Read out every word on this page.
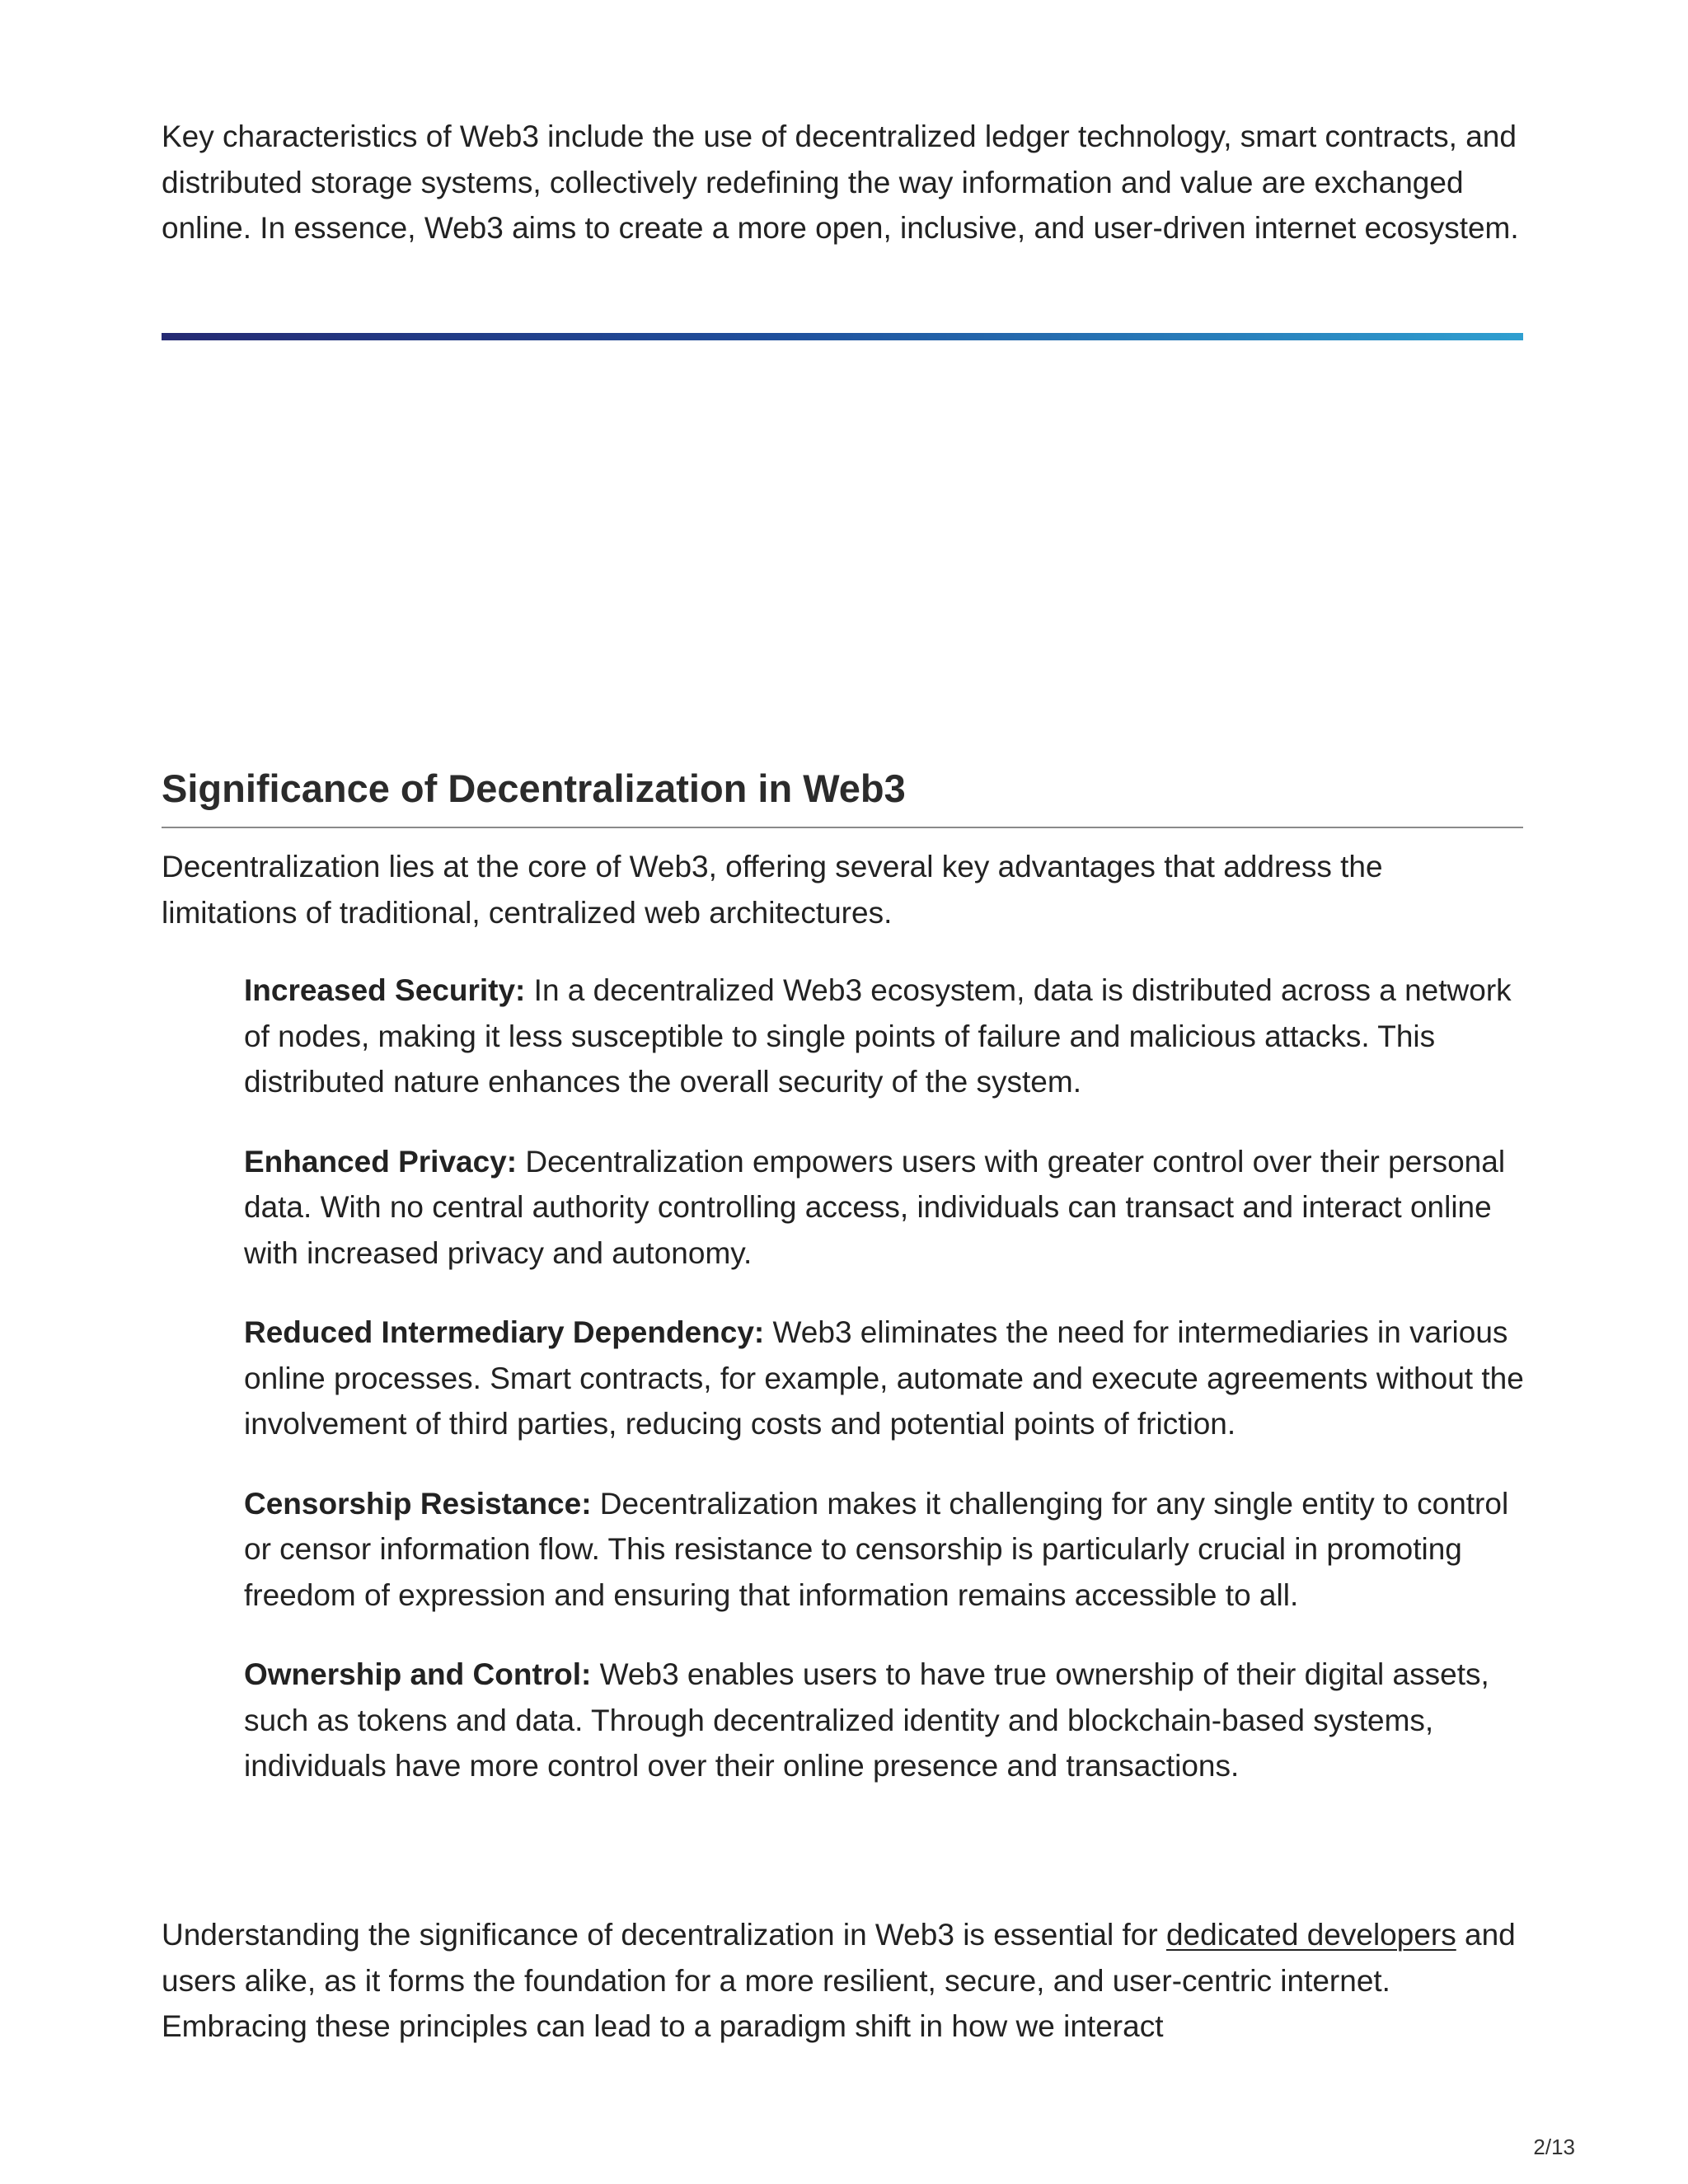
Key characteristics of Web3 include the use of decentralized ledger technology, smart contracts, and distributed storage systems, collectively redefining the way information and value are exchanged online. In essence, Web3 aims to create a more open, inclusive, and user-driven internet ecosystem.

Significance of Decentralization in Web3

Decentralization lies at the core of Web3, offering several key advantages that address the limitations of traditional, centralized web architectures.

Increased Security: In a decentralized Web3 ecosystem, data is distributed across a network of nodes, making it less susceptible to single points of failure and malicious attacks. This distributed nature enhances the overall security of the system.
Enhanced Privacy: Decentralization empowers users with greater control over their personal data. With no central authority controlling access, individuals can transact and interact online with increased privacy and autonomy.
Reduced Intermediary Dependency: Web3 eliminates the need for intermediaries in various online processes. Smart contracts, for example, automate and execute agreements without the involvement of third parties, reducing costs and potential points of friction.
Censorship Resistance: Decentralization makes it challenging for any single entity to control or censor information flow. This resistance to censorship is particularly crucial in promoting freedom of expression and ensuring that information remains accessible to all.
Ownership and Control: Web3 enables users to have true ownership of their digital assets, such as tokens and data. Through decentralized identity and blockchain-based systems, individuals have more control over their online presence and transactions.

Understanding the significance of decentralization in Web3 is essential for dedicated developers and users alike, as it forms the foundation for a more resilient, secure, and user-centric internet. Embracing these principles can lead to a paradigm shift in how we interact

2/13
